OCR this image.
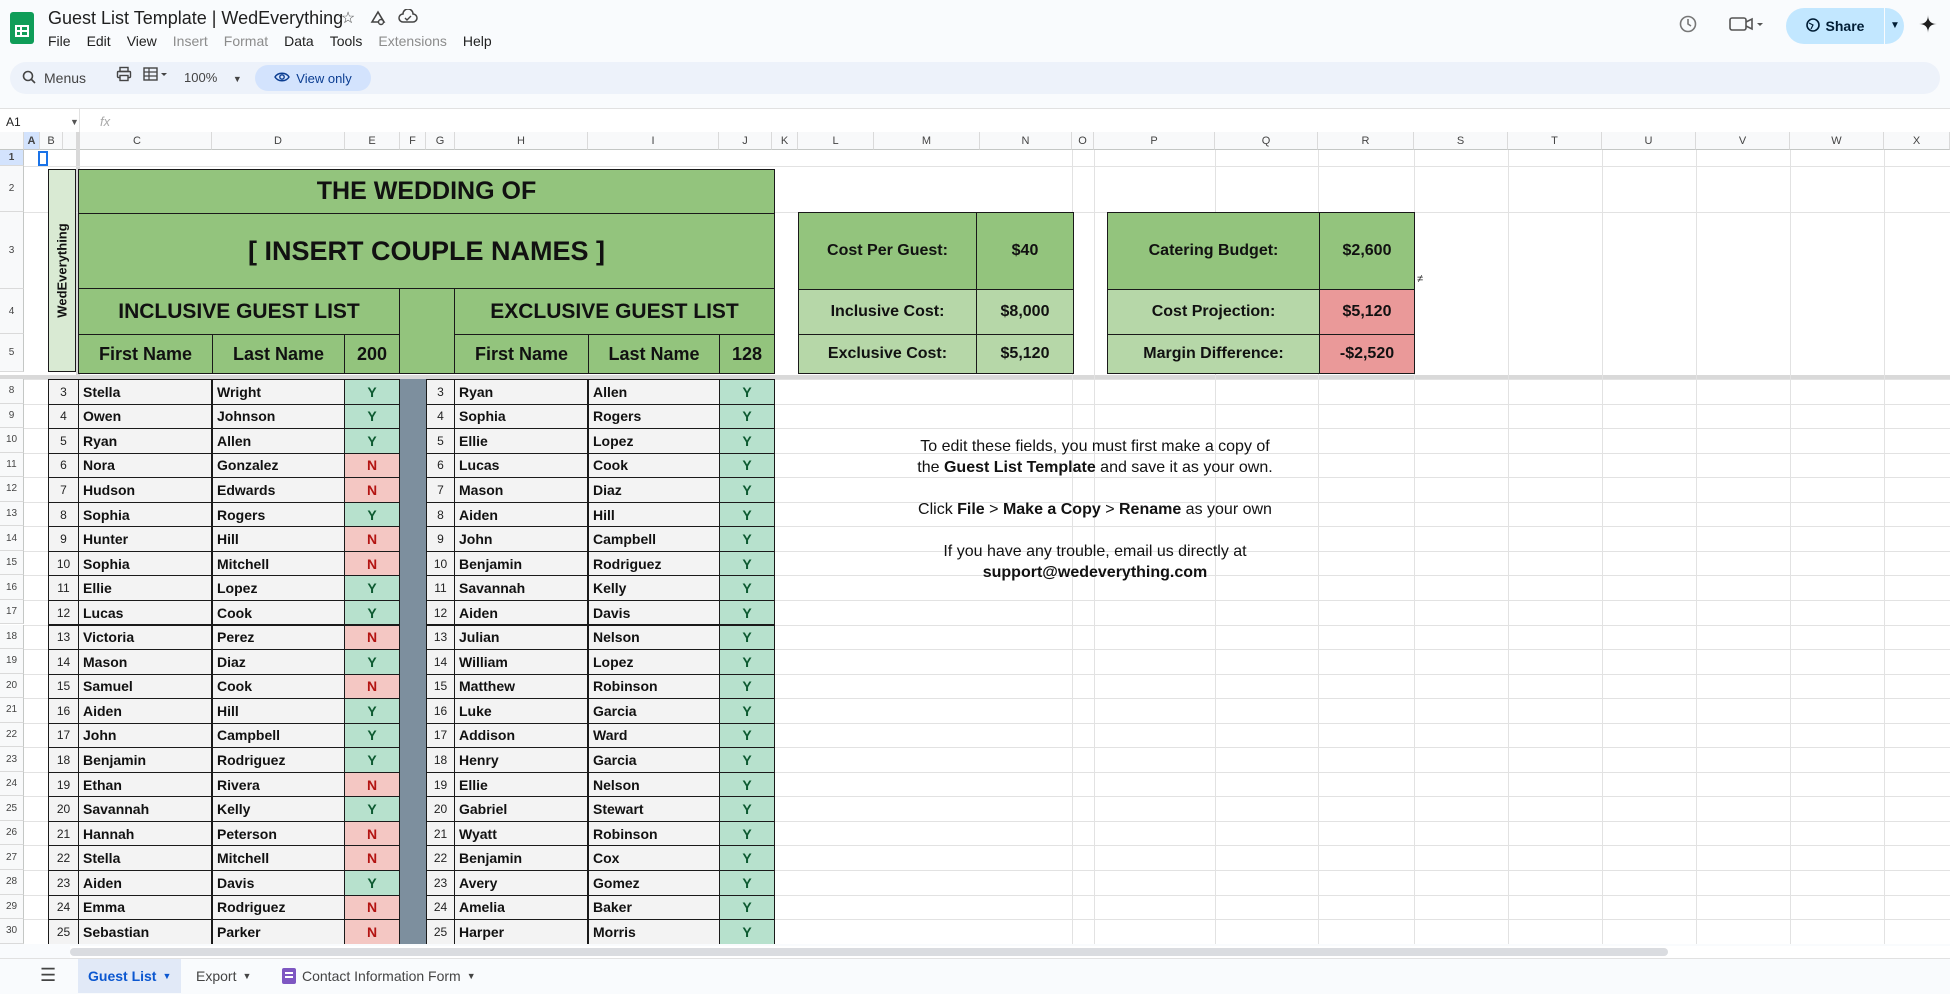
Guest List Template | WedEverything
☆
File	Edit	View	Insert	Format	Data	Tools	Extensions	Help
Share	▼
Menus	100% ▼	View only
A1	▼ fx
A	B	C	D	E	F	G	H	I	J	K	L	M	N	O	P	Q	R	S	T	U	V	W	X
1
2
3
4
5
8
9
10
11
12
13
14
15
16
17
18
19
20
21
22
23
24
25
26
27
28
29
30
WedEverything
THE WEDDING OF
[ INSERT COUPLE NAMES ]
INCLUSIVE GUEST LIST	EXCLUSIVE GUEST LIST
First Name	Last Name	200	First Name	Last Name	128
Cost Per Guest:	$40
Inclusive Cost:	$8,000
Exclusive Cost:	$5,120
Catering Budget:	$2,600
Cost Projection:	$5,120
Margin Difference:	-$2,520
≠
3	Stella	Wright	Y
4	Owen	Johnson	Y
5	Ryan	Allen	Y
6	Nora	Gonzalez	N
7	Hudson	Edwards	N
8	Sophia	Rogers	Y
9	Hunter	Hill	N
10 Sophia	Mitchell	N
11 Ellie	Lopez	Y
12 Lucas	Cook	Y
13 Victoria	Perez	N
14 Mason	Diaz	Y
15 Samuel	Cook	N
16 Aiden	Hill	Y
17 John	Campbell	Y
18 Benjamin	Rodriguez	Y
19 Ethan	Rivera	N
20 Savannah	Kelly	Y
21 Hannah	Peterson	N
22 Stella	Mitchell	N
23 Aiden	Davis	Y
24 Emma	Rodriguez	N
25 Sebastian	Parker	N
3	Ryan	Allen	Y
4	Sophia	Rogers	Y
5	Ellie	Lopez	Y
6	Lucas	Cook	Y
7	Mason	Diaz	Y
8	Aiden	Hill	Y
9	John	Campbell	Y
10 Benjamin	Rodriguez	Y
11 Savannah	Kelly	Y
12 Aiden	Davis	Y
13 Julian	Nelson	Y
14 William	Lopez	Y
15 Matthew	Robinson	Y
16 Luke	Garcia	Y
17 Addison	Ward	Y
18 Henry	Garcia	Y
19 Ellie	Nelson	Y
20 Gabriel	Stewart	Y
21 Wyatt	Robinson	Y
22 Benjamin	Cox	Y
23 Avery	Gomez	Y
24 Amelia	Baker	Y
25 Harper	Morris	Y

To edit these fields, you must first make a copy of
the Guest List Template and save it as your own.

Click File > Make a Copy > Rename as your own

If you have any trouble, email us directly at
support@wedeverything.com

☰ Guest List ▼ Export ▼	Contact Information Form ▼
